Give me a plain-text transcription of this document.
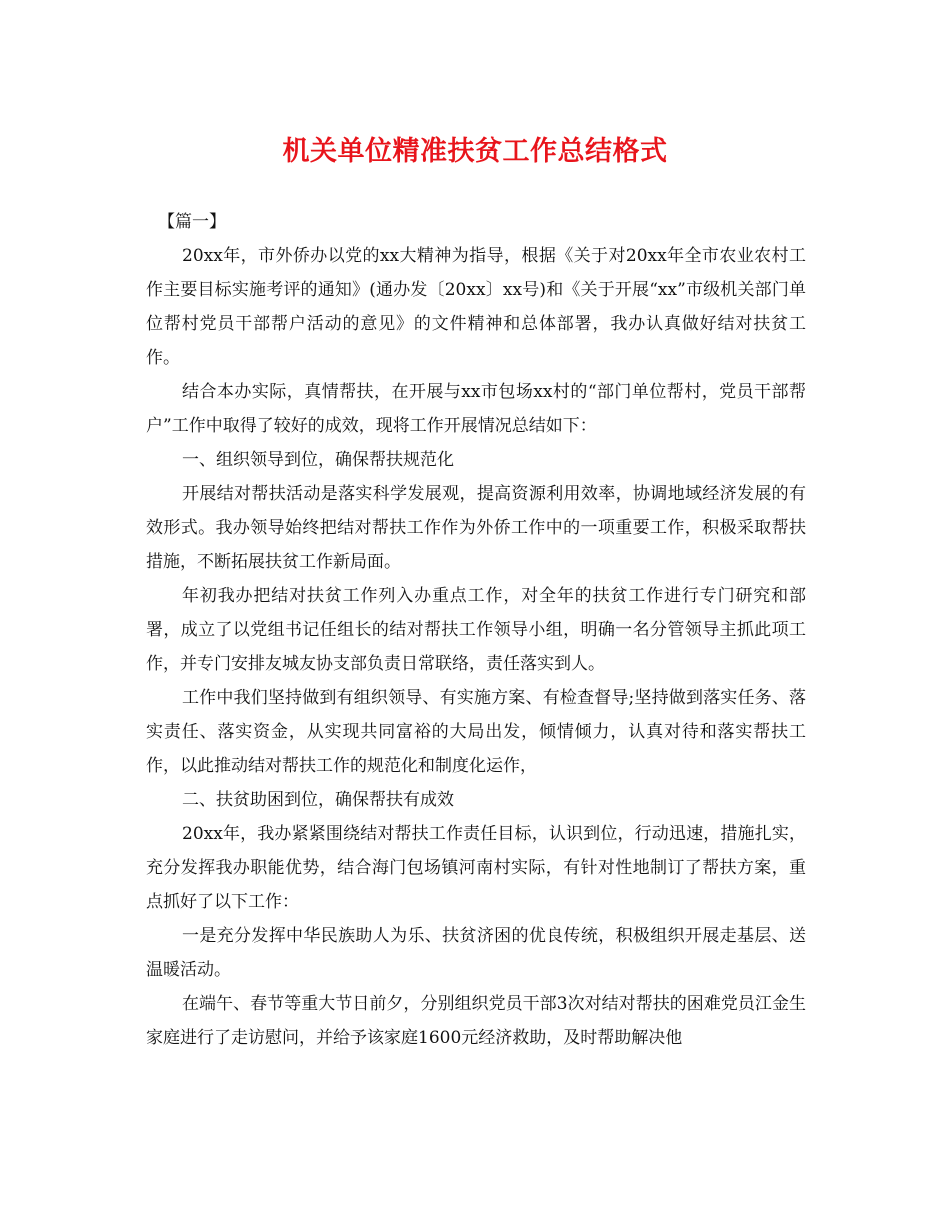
机关单位精准扶贫工作总结格式

【篇一】

20xx年，市外侨办以党的xx大精神为指导，根据《关于对20xx年全市农业农村工作主要目标实施考评的通知》(通办发〔20xx〕xx号)和《关于开展“xx”市级机关部门单位帮村党员干部帮户活动的意见》的文件精神和总体部署，我办认真做好结对扶贫工作。

结合本办实际，真情帮扶，在开展与xx市包场xx村的“部门单位帮村，党员干部帮户”工作中取得了较好的成效，现将工作开展情况总结如下：

一、组织领导到位，确保帮扶规范化

开展结对帮扶活动是落实科学发展观，提高资源利用效率，协调地域经济发展的有效形式。我办领导始终把结对帮扶工作作为外侨工作中的一项重要工作，积极采取帮扶措施，不断拓展扶贫工作新局面。

年初我办把结对扶贫工作列入办重点工作，对全年的扶贫工作进行专门研究和部署，成立了以党组书记任组长的结对帮扶工作领导小组，明确一名分管领导主抓此项工作，并专门安排友城友协支部负责日常联络，责任落实到人。

工作中我们坚持做到有组织领导、有实施方案、有检查督导;坚持做到落实任务、落实责任、落实资金，从实现共同富裕的大局出发，倾情倾力，认真对待和落实帮扶工作，以此推动结对帮扶工作的规范化和制度化运作，

二、扶贫助困到位，确保帮扶有成效

20xx年，我办紧紧围绕结对帮扶工作责任目标，认识到位，行动迅速，措施扎实，充分发挥我办职能优势，结合海门包场镇河南村实际，有针对性地制订了帮扶方案，重点抓好了以下工作：

一是充分发挥中华民族助人为乐、扶贫济困的优良传统，积极组织开展走基层、送温暖活动。

在端午、春节等重大节日前夕，分别组织党员干部3次对结对帮扶的困难党员江金生家庭进行了走访慰问，并给予该家庭1600元经济救助，及时帮助解决他
